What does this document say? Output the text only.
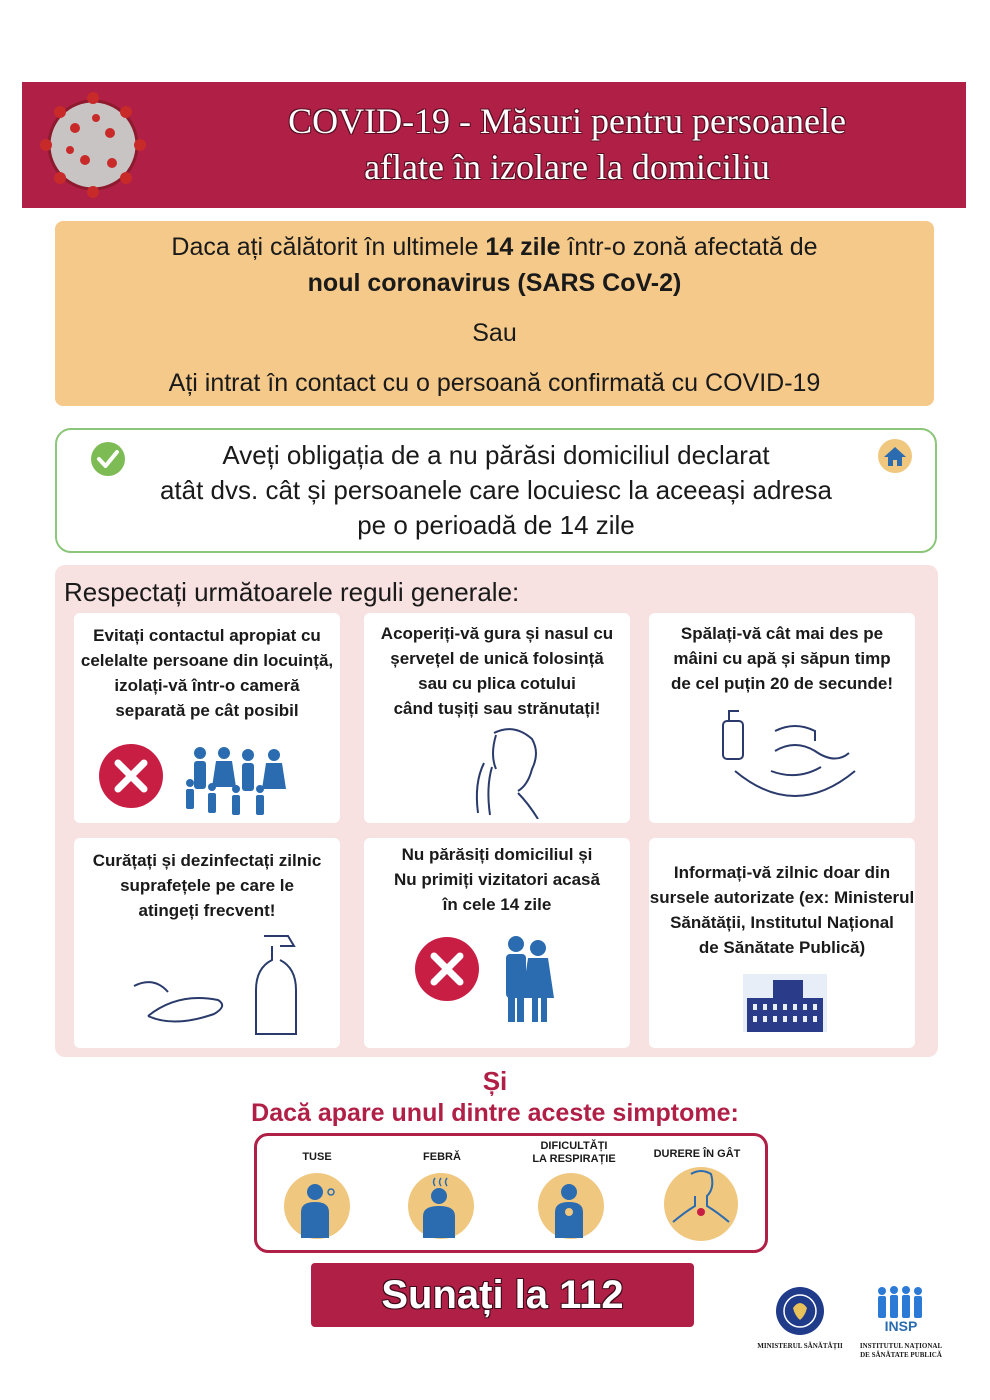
COVID-19 - Măsuri pentru persoanele
aflate în izolare la domiciliu
Daca ați călătorit în ultimele 14 zile într-o zonă afectată de
noul coronavirus (SARS CoV-2)
Sau
Ați intrat în contact cu o persoană confirmată cu COVID-19
Aveți obligația de a nu părăsi domiciliul declarat
atât dvs. cât și persoanele care locuiesc la aceeași adresa
pe o perioadă de 14 zile
Respectați următoarele reguli generale:
Evitați contactul apropiat cu
celelalte persoane din locuință,
izolați-vă într-o cameră
separată pe cât posibil
Acoperiți-vă gura și nasul cu
șervețel de unică folosință
sau cu plica cotului
când tușiți sau strănutați!
Spălați-vă cât mai des pe
mâini cu apă și săpun timp
de cel puțin 20 de secunde!
Curățați și dezinfectați zilnic
suprafețele pe care le
atingeți frecvent!
Nu părăsiți domiciliul și
Nu primiți vizitatori acasă
în cele 14 zile
Informați-vă zilnic doar din
sursele autorizate (ex: Ministerul
Sănătății, Institutul Național
de Sănătate Publică)
Și
Dacă apare unul dintre aceste simptome:
TUSE	FEBRĂ
DIFICULTĂȚI
LA RESPIRAȚIE	DURERE ÎN GÂT
Sunați la 112
MINISTERUL SĂNĂTĂȚII
INSP
INSTITUTUL NAȚIONAL
DE SĂNĂTATE PUBLICĂ
